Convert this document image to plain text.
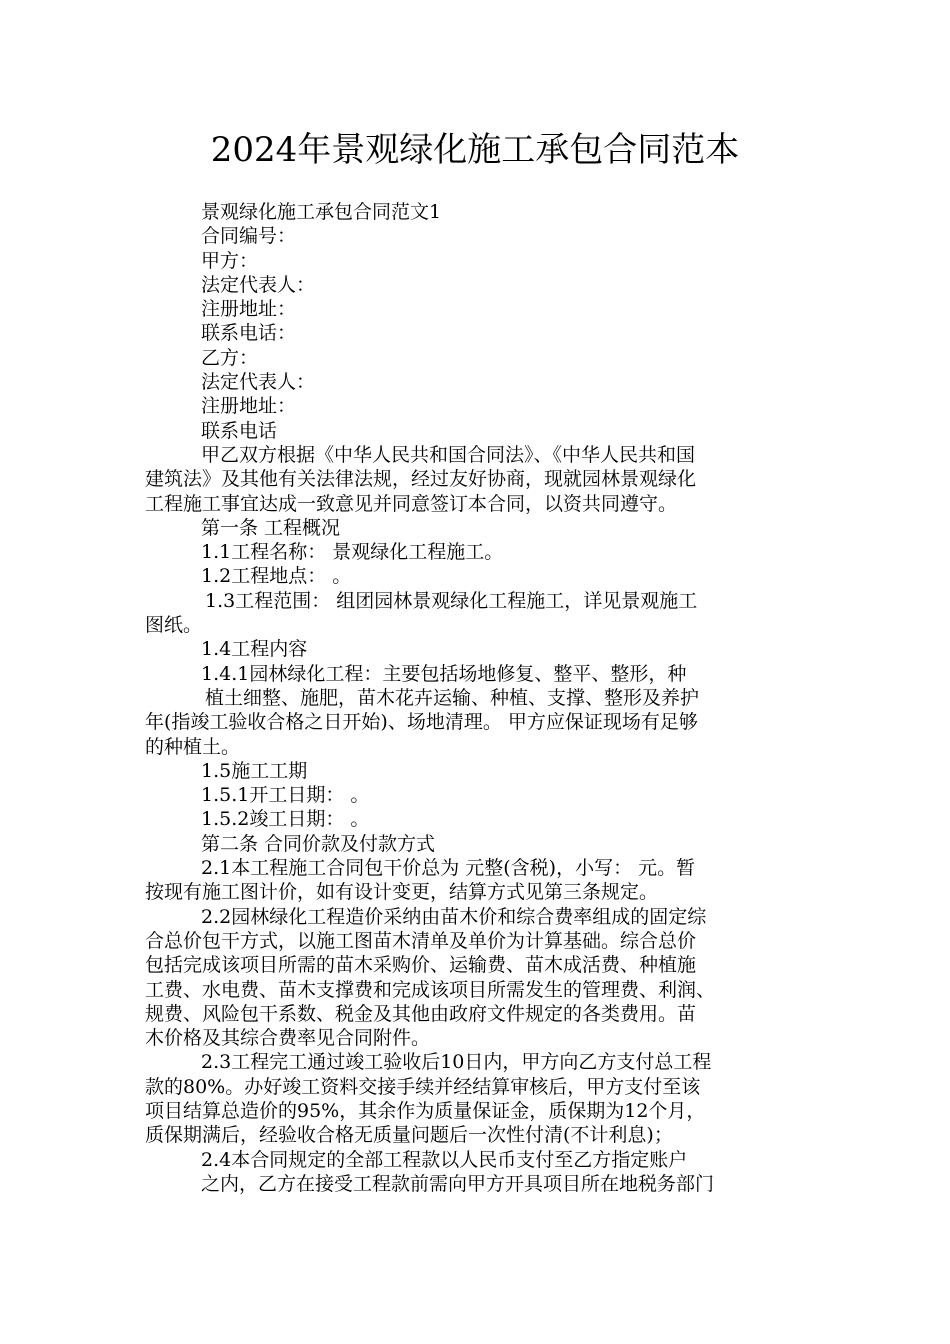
2024年景观绿化施工承包合同范本
景观绿化施工承包合同范文1
合同编号：
甲方：
法定代表人：
注册地址：
联系电话：
乙方：
法定代表人：
注册地址：
联系电话
甲乙双方根据《中华人民共和国合同法》、《中华人民共和国
建筑法》及其他有关法律法规，经过友好协商，现就园林景观绿化
工程施工事宜达成一致意见并同意签订本合同，以资共同遵守。
第一条 工程概况
1.1工程名称： 景观绿化工程施工。
1.2工程地点： 。
1.3工程范围： 组团园林景观绿化工程施工，详见景观施工
图纸。
1.4工程内容
1.4.1园林绿化工程：主要包括场地修复、整平、整形，种
植土细整、施肥，苗木花卉运输、种植、支撑、整形及养护
年(指竣工验收合格之日开始)、场地清理。 甲方应保证现场有足够
的种植土。
1.5施工工期
1.5.1开工日期： 。
1.5.2竣工日期： 。
第二条 合同价款及付款方式
2.1本工程施工合同包干价总为 元整(含税)，小写： 元。暂
按现有施工图计价，如有设计变更，结算方式见第三条规定。
2.2园林绿化工程造价采纳由苗木价和综合费率组成的固定综
合总价包干方式，以施工图苗木清单及单价为计算基础。综合总价
包括完成该项目所需的苗木采购价、运输费、苗木成活费、种植施
工费、水电费、苗木支撑费和完成该项目所需发生的管理费、利润、
规费、风险包干系数、税金及其他由政府文件规定的各类费用。苗
木价格及其综合费率见合同附件。
2.3工程完工通过竣工验收后10日内，甲方向乙方支付总工程
款的80%。办好竣工资料交接手续并经结算审核后，甲方支付至该
项目结算总造价的95%，其余作为质量保证金，质保期为12个月，
质保期满后，经验收合格无质量问题后一次性付清(不计利息)；
2.4本合同规定的全部工程款以人民币支付至乙方指定账户
之内，乙方在接受工程款前需向甲方开具项目所在地税务部门
